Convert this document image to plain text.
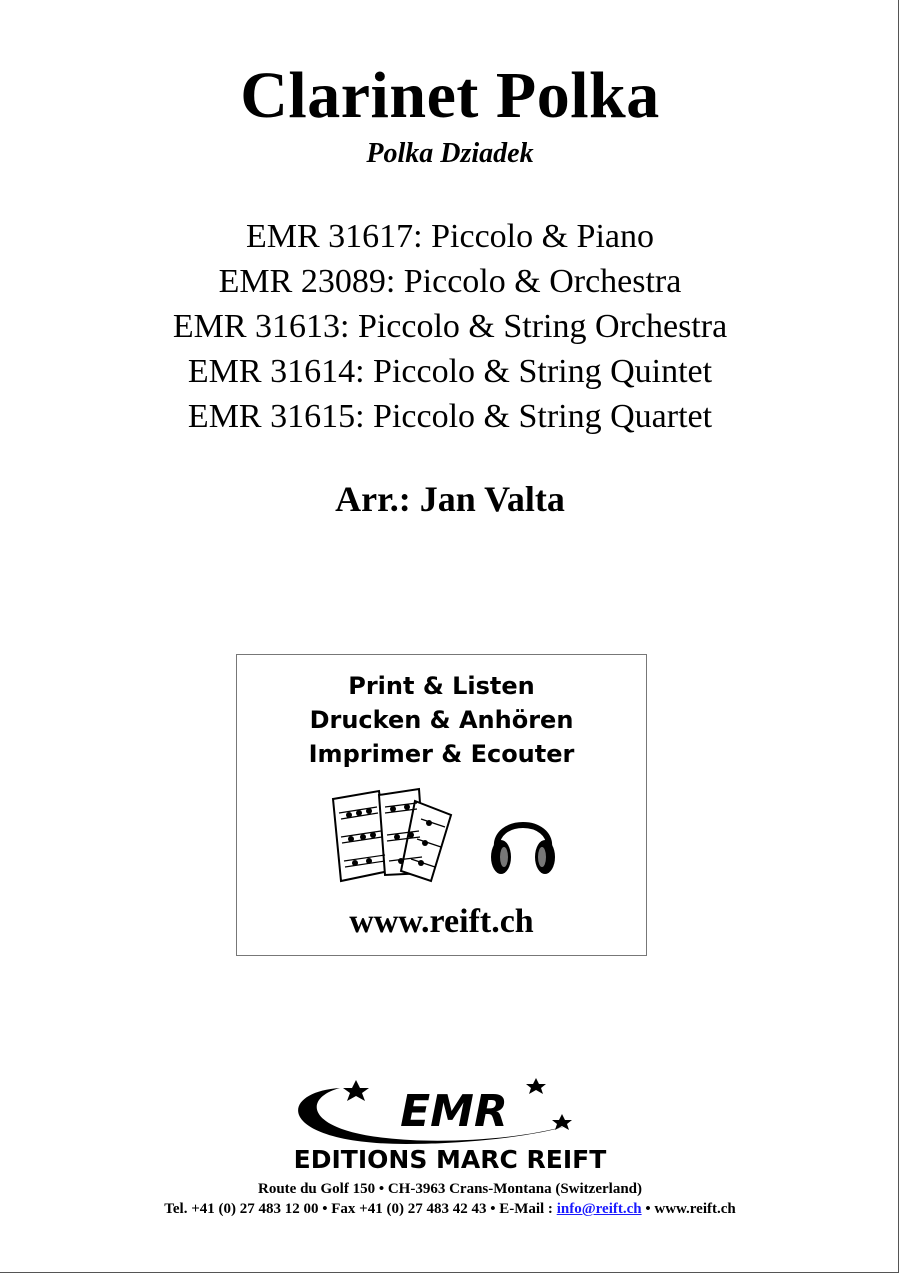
Clarinet Polka
Polka Dziadek
EMR 31617: Piccolo & Piano
EMR 23089: Piccolo & Orchestra
EMR 31613: Piccolo & String Orchestra
EMR 31614: Piccolo & String Quintet
EMR 31615: Piccolo & String Quartet
Arr.: Jan Valta
Print & Listen
Drucken & Anhören
Imprimer & Ecouter
www.reift.ch
EMR
EDITIONS MARC REIFT
Route du Golf 150 • CH-3963 Crans-Montana (Switzerland)
Tel. +41 (0) 27 483 12 00 • Fax +41 (0) 27 483 42 43 • E-Mail : info@reift.ch • www.reift.ch
